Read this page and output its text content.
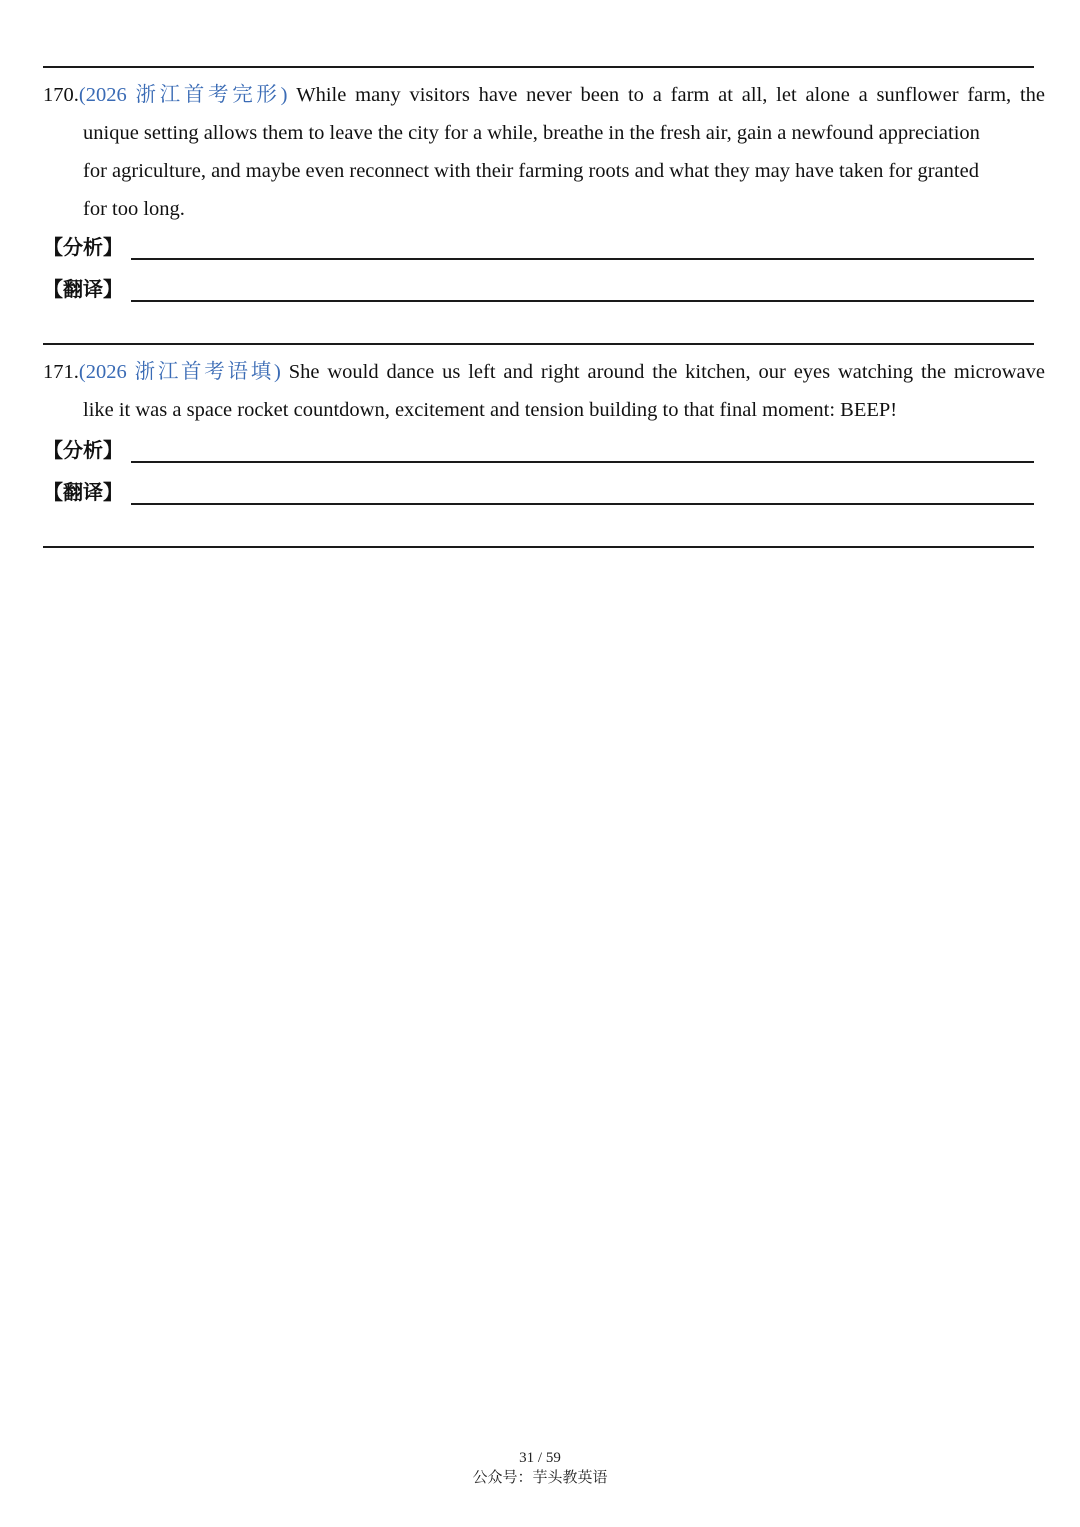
170.(2026 浙江首考完形) While many visitors have never been to a farm at all, let alone a sunflower farm, the
unique setting allows them to leave the city for a while, breathe in the fresh air, gain a newfound appreciation
for agriculture, and maybe even reconnect with their farming roots and what they may have taken for granted
for too long.
【分析】
【翻译】
171.(2026 浙江首考语填) She would dance us left and right around the kitchen, our eyes watching the microwave
like it was a space rocket countdown, excitement and tension building to that final moment: BEEP!
【分析】
【翻译】
31 / 59
公众号：芋头教英语
